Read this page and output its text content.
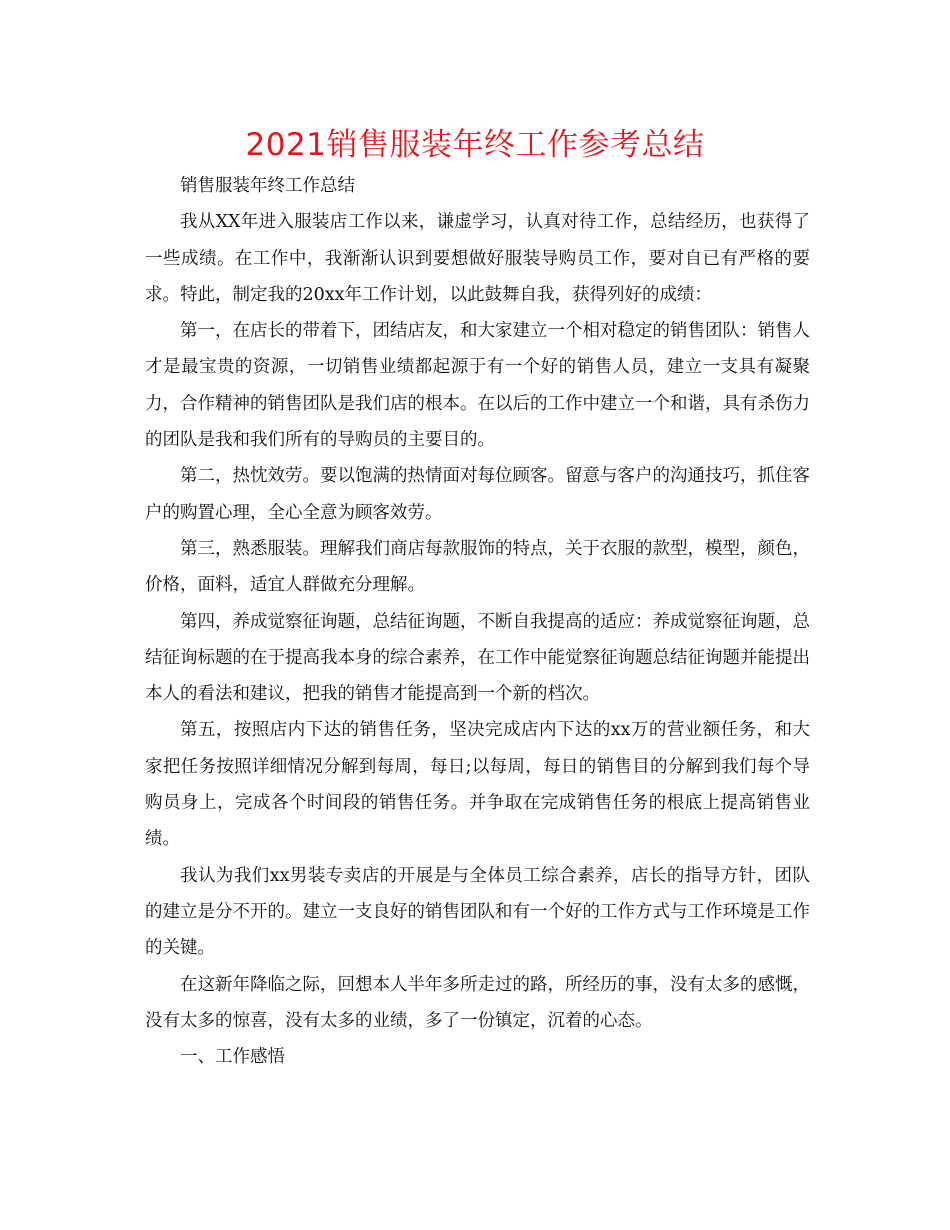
2021销售服装年终工作参考总结

销售服装年终工作总结

我从XX年进入服装店工作以来，谦虚学习，认真对待工作，总结经历，也获得了一些成绩。在工作中，我渐渐认识到要想做好服装导购员工作，要对自已有严格的要求。特此，制定我的20xx年工作计划，以此鼓舞自我，获得列好的成绩：

第一，在店长的带着下，团结店友，和大家建立一个相对稳定的销售团队：销售人才是最宝贵的资源，一切销售业绩都起源于有一个好的销售人员，建立一支具有凝聚力，合作精神的销售团队是我们店的根本。在以后的工作中建立一个和谐，具有杀伤力的团队是我和我们所有的导购员的主要目的。

第二，热忱效劳。要以饱满的热情面对每位顾客。留意与客户的沟通技巧，抓住客户的购置心理，全心全意为顾客效劳。

第三，熟悉服装。理解我们商店每款服饰的特点，关于衣服的款型，模型，颜色，价格，面料，适宜人群做充分理解。

第四，养成觉察征询题，总结征询题，不断自我提高的适应：养成觉察征询题，总结征询标题的在于提高我本身的综合素养，在工作中能觉察征询题总结征询题并能提出本人的看法和建议，把我的销售才能提高到一个新的档次。

第五，按照店内下达的销售任务，坚决完成店内下达的xx万的营业额任务，和大家把任务按照详细情况分解到每周，每日;以每周，每日的销售目的分解到我们每个导购员身上，完成各个时间段的销售任务。并争取在完成销售任务的根底上提高销售业绩。

我认为我们xx男装专卖店的开展是与全体员工综合素养，店长的指导方针，团队的建立是分不开的。建立一支良好的销售团队和有一个好的工作方式与工作环境是工作的关键。

在这新年降临之际，回想本人半年多所走过的路，所经历的事，没有太多的感慨，没有太多的惊喜，没有太多的业绩，多了一份镇定，沉着的心态。

一、工作感悟
